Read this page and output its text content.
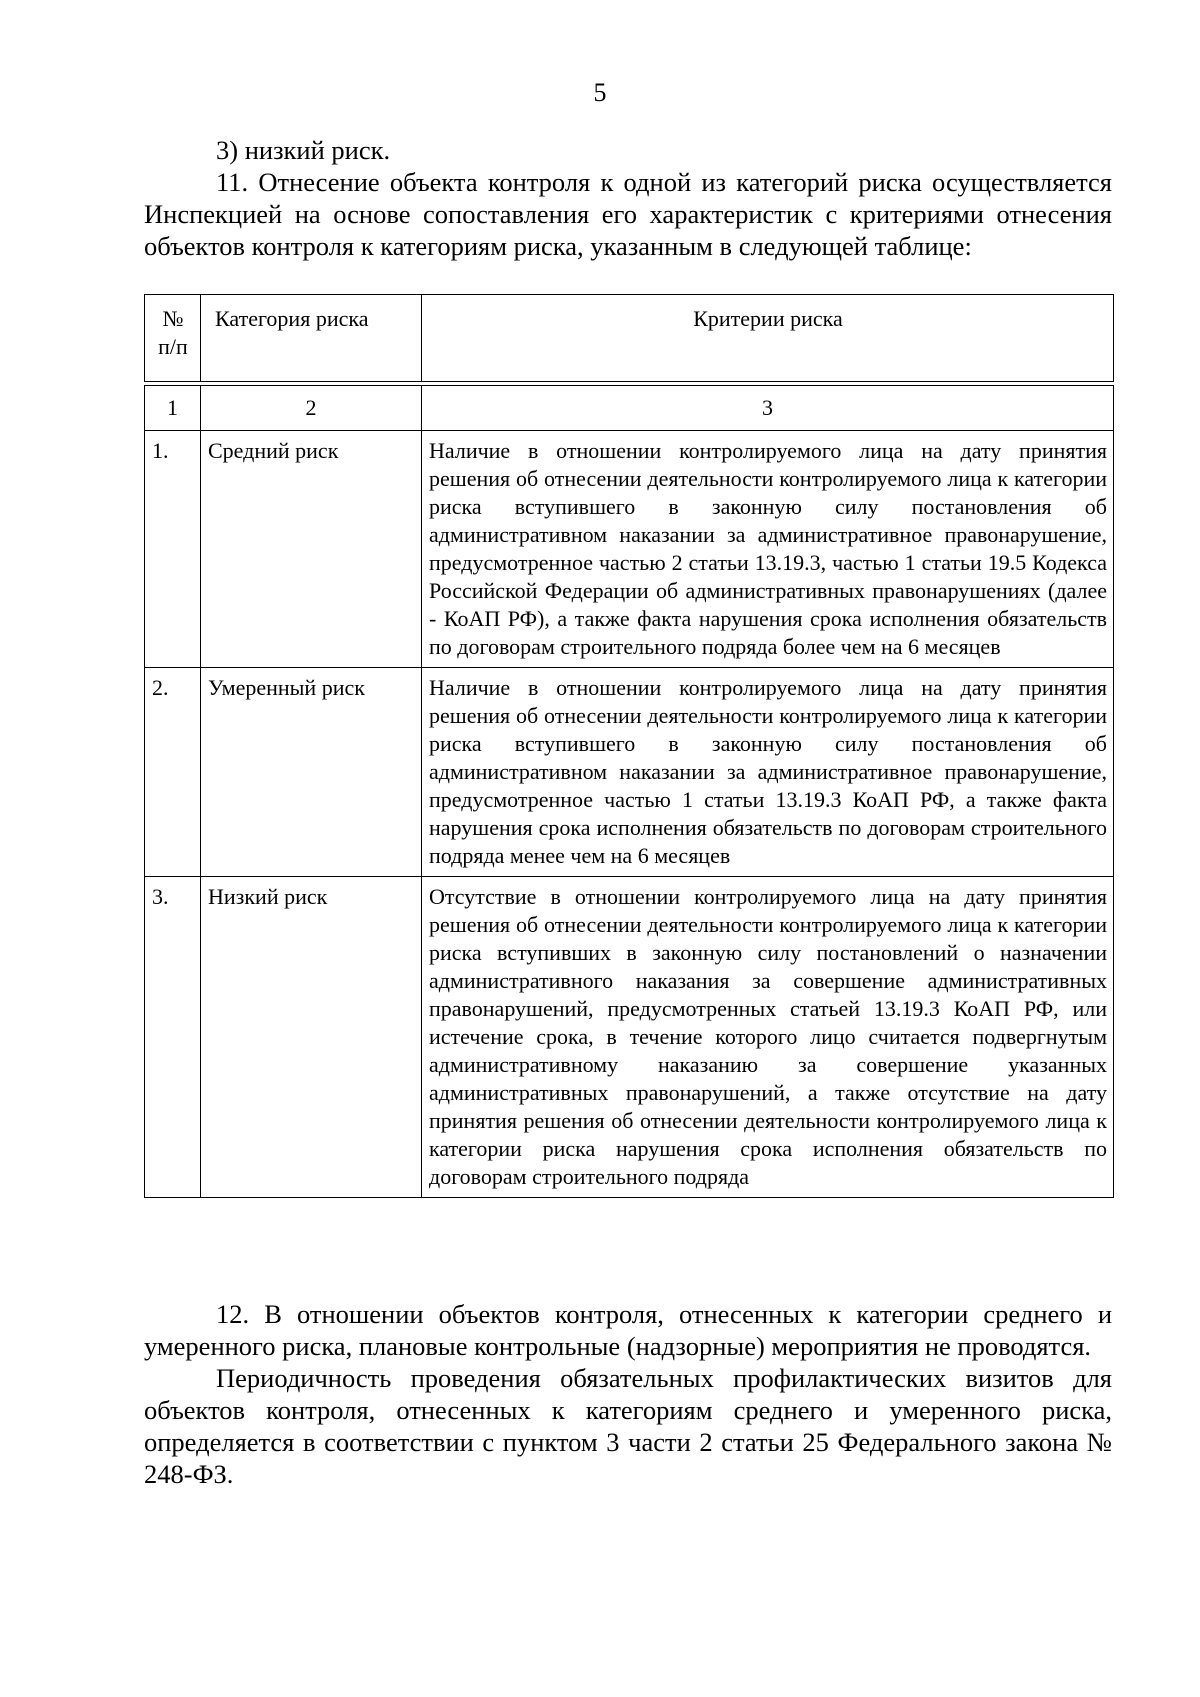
5

3) низкий риск.

11. Отнесение объекта контроля к одной из категорий риска осуществляется Инспекцией на основе сопоставления его характеристик с критериями отнесения объектов контроля к категориям риска, указанным в следующей таблице:

№ п/п	Категория риска	Критерии риска

1	2	3
1.	Средний риск	Наличие в отношении контролируемого лица на дату принятия решения об отнесении деятельности контролируемого лица к категории риска вступившего в законную силу постановления об административном наказании за административное правонарушение, предусмотренное частью 2 статьи 13.19.3, частью 1 статьи 19.5 Кодекса Российской Федерации об административных правонарушениях (далее - КоАП РФ), а также факта нарушения срока исполнения обязательств по договорам строительного подряда более чем на 6 месяцев
2.	Умеренный риск	Наличие в отношении контролируемого лица на дату принятия решения об отнесении деятельности контролируемого лица к категории риска вступившего в законную силу постановления об административном наказании за административное правонарушение, предусмотренное частью 1 статьи 13.19.3 КоАП РФ, а также факта нарушения срока исполнения обязательств по договорам строительного подряда менее чем на 6 месяцев
3.	Низкий риск	Отсутствие в отношении контролируемого лица на дату принятия решения об отнесении деятельности контролируемого лица к категории риска вступивших в законную силу постановлений о назначении административного наказания за совершение административных правонарушений, предусмотренных статьей 13.19.3 КоАП РФ, или истечение срока, в течение которого лицо считается подвергнутым административному наказанию за совершение указанных административных правонарушений, а также отсутствие на дату принятия решения об отнесении деятельности контролируемого лица к категории риска нарушения срока исполнения обязательств по договорам строительного подряда

12. В отношении объектов контроля, отнесенных к категории среднего и умеренного риска, плановые контрольные (надзорные) мероприятия не проводятся.

Периодичность проведения обязательных профилактических визитов для объектов контроля, отнесенных к категориям среднего и умеренного риска, определяется в соответствии с пунктом 3 части 2 статьи 25 Федерального закона № 248-ФЗ.
